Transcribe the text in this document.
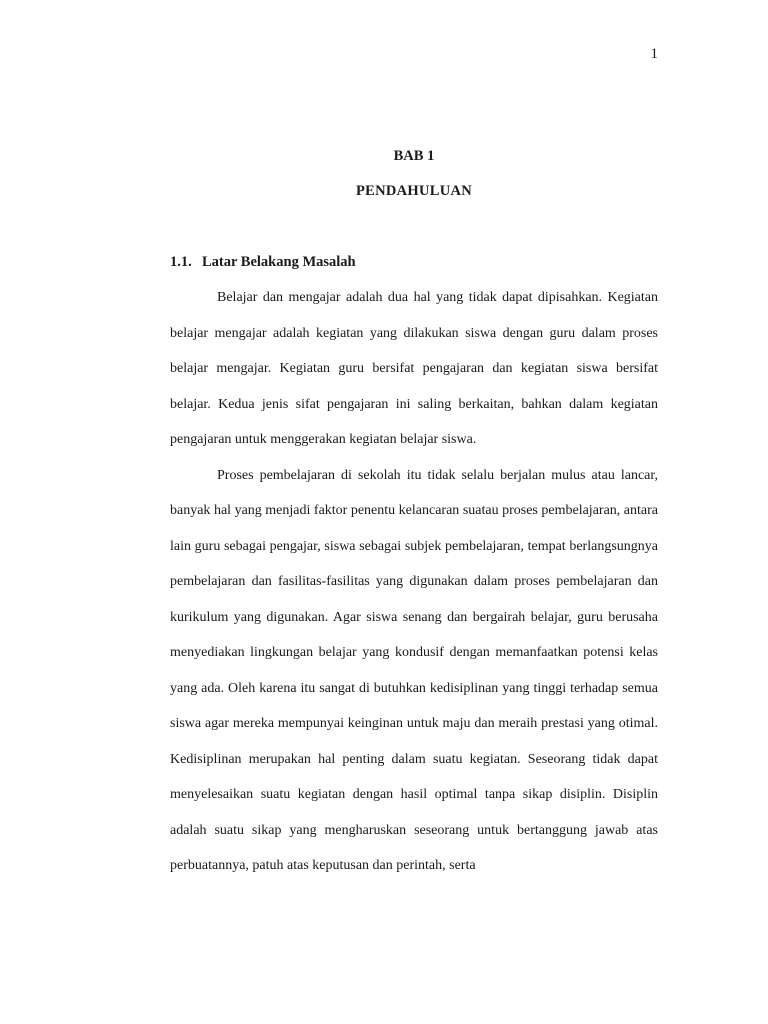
1
BAB 1
PENDAHULUAN
1.1. Latar Belakang Masalah

Belajar dan mengajar adalah dua hal yang tidak dapat dipisahkan. Kegiatan belajar mengajar adalah kegiatan yang dilakukan siswa dengan guru dalam proses belajar mengajar. Kegiatan guru bersifat pengajaran dan kegiatan siswa bersifat belajar. Kedua jenis sifat pengajaran ini saling berkaitan, bahkan dalam kegiatan pengajaran untuk menggerakan kegiatan belajar siswa.

Proses pembelajaran di sekolah itu tidak selalu berjalan mulus atau lancar, banyak hal yang menjadi faktor penentu kelancaran suatau proses pembelajaran, antara lain guru sebagai pengajar, siswa sebagai subjek pembelajaran, tempat berlangsungnya pembelajaran dan fasilitas-fasilitas yang digunakan dalam proses pembelajaran dan kurikulum yang digunakan. Agar siswa senang dan bergairah belajar, guru berusaha menyediakan lingkungan belajar yang kondusif dengan memanfaatkan potensi kelas yang ada. Oleh karena itu sangat di butuhkan kedisiplinan yang tinggi terhadap semua siswa agar mereka mempunyai keinginan untuk maju dan meraih prestasi yang otimal. Kedisiplinan merupakan hal penting dalam suatu kegiatan. Seseorang tidak dapat menyelesaikan suatu kegiatan dengan hasil optimal tanpa sikap disiplin. Disiplin adalah suatu sikap yang mengharuskan seseorang untuk bertanggung jawab atas perbuatannya, patuh atas keputusan dan perintah, serta
